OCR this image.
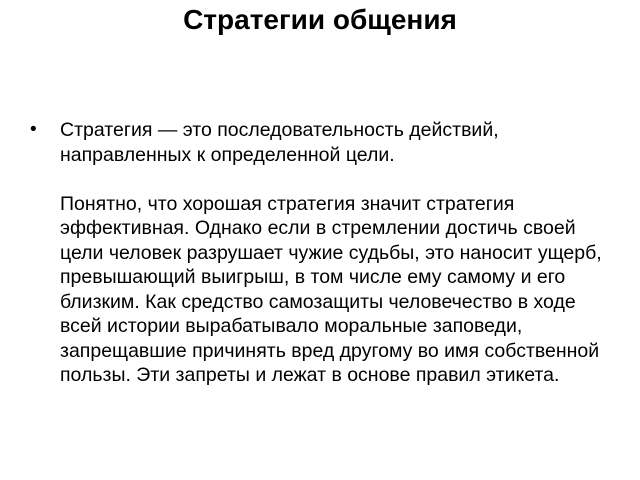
Стратегии общения
• Стратегия — это последовательность действий, направленных к определенной цели.
Понятно, что хорошая стратегия значит стратегия эффективная. Однако если в стремлении достичь своей цели человек разрушает чужие судьбы, это наносит ущерб, превышающий выигрыш, в том числе ему самому и его близким. Как средство самозащиты человечество в ходе всей истории вырабатывало моральные заповеди, запрещавшие причинять вред другому во имя собственной пользы. Эти запреты и лежат в основе правил этикета.
